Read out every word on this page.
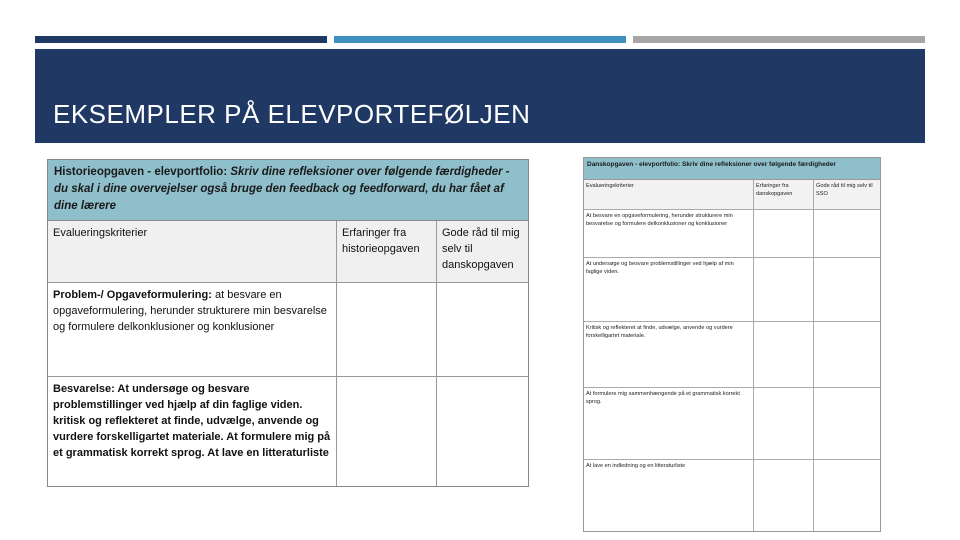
EKSEMPLER PÅ ELEVPORTEFØLJEN
Historieopgaven - elevportfolio: Skriv dine refleksioner over følgende færdigheder - du skal i dine overvejelser også bruge den feedback og feedforward, du har fået af dine lærere
Evalueringskriterier	Erfaringer fra historieopgaven
Gode råd til mig selv til danskopgaven
Problem-/ Opgaveformulering: at besvare en opgaveformulering, herunder strukturere min besvarelse og formulere delkonklusioner og konklusioner
Besvarelse: At undersøge og besvare problemstillinger ved hjælp af din faglige viden. kritisk og reflekteret at finde, udvælge, anvende og vurdere forskelligartet materiale. At formulere mig på et grammatisk korrekt sprog. At lave en litteraturliste
Danskopgaven - elevportfolio: Skriv dine refleksioner over følgende færdigheder
Evalueringskriterier	Erfaringer fra danskopgaven
Gode råd til mig selv til SSO
At besvare en opgaveformulering, herunder strukturere min besvarelse og formulere delkonklusioner og konklusioner
At undersøge og besvare problemstillinger ved hjælp af min faglige viden.
Kritisk og reflekteret at finde, udvælge, anvende og vurdere forskelligartet materiale.
At formulere mig sammenhængende på et grammatisk korrekt sprog.
At lave en indledning og en litteraturliste
